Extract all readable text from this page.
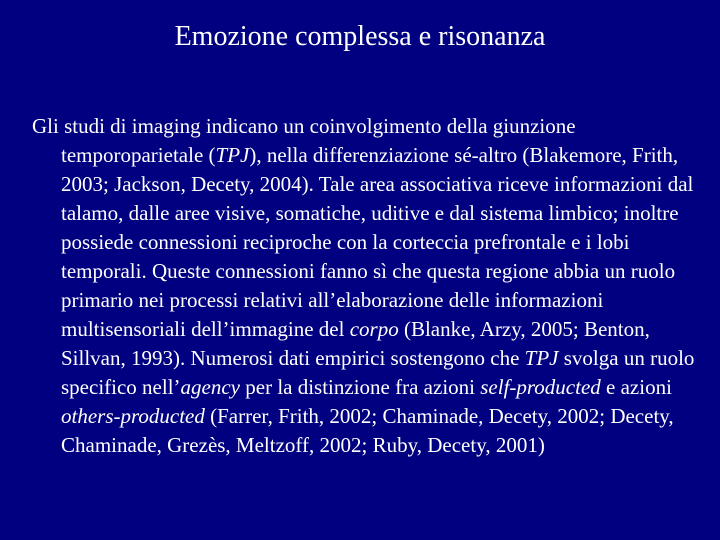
Emozione complessa e risonanza

Gli studi di imaging indicano un coinvolgimento della giunzione temporoparietale (TPJ), nella differenziazione sé-altro (Blakemore, Frith, 2003; Jackson, Decety, 2004). Tale area associativa riceve informazioni dal talamo, dalle aree visive, somatiche, uditive e dal sistema limbico; inoltre possiede connessioni reciproche con la corteccia prefrontale e i lobi temporali. Queste connessioni fanno sì che questa regione abbia un ruolo primario nei processi relativi all’elaborazione delle informazioni multisensoriali dell’immagine del corpo (Blanke, Arzy, 2005; Benton, Sillvan, 1993). Numerosi dati empirici sostengono che TPJ svolga un ruolo specifico nell’agency per la distinzione fra azioni self-producted e azioni others-producted (Farrer, Frith, 2002; Chaminade, Decety, 2002; Decety, Chaminade, Grezès, Meltzoff, 2002; Ruby, Decety, 2001)
